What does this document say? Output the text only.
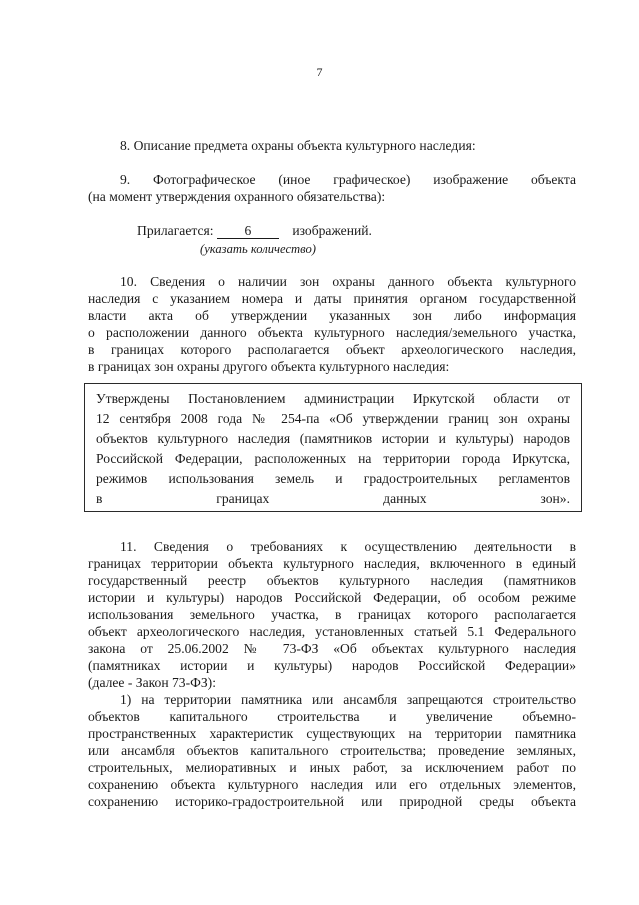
7
8. Описание предмета охраны объекта культурного наследия:
9. Фотографическое (иное графическое) изображение объекта
(на момент утверждения охранного обязательства):
Прилагается: 6	изображений.
(указать количество)
10. Сведения о наличии зон охраны данного объекта культурного
наследия с указанием номера и даты принятия органом государственной
власти акта об утверждении указанных зон либо информация
о расположении данного объекта культурного наследия/земельного участка,
в границах которого располагается объект археологического наследия,
в границах зон охраны другого объекта культурного наследия:
Утверждены Постановлением администрации Иркутской области от
12 сентября 2008 года № 254-па «Об утверждении границ зон охраны
объектов культурного наследия (памятников истории и культуры) народов
Российской Федерации, расположенных на территории города Иркутска,
режимов использования земель и градостроительных регламентов
в границах данных зон».
11. Сведения о требованиях к осуществлению деятельности в
границах территории объекта культурного наследия, включенного в единый
государственный реестр объектов культурного наследия (памятников
истории и культуры) народов Российской Федерации, об особом режиме
использования земельного участка, в границах которого располагается
объект археологического наследия, установленных статьей 5.1 Федерального
закона от 25.06.2002 № 73-ФЗ «Об объектах культурного наследия
(памятниках истории и культуры) народов Российской Федерации»
(далее - Закон 73-ФЗ):
1) на территории памятника или ансамбля запрещаются строительство
объектов капитального строительства и увеличение объемно-
пространственных характеристик существующих на территории памятника
или ансамбля объектов капитального строительства; проведение земляных,
строительных, мелиоративных и иных работ, за исключением работ по
сохранению объекта культурного наследия или его отдельных элементов,
сохранению историко-градостроительной или природной среды объекта
